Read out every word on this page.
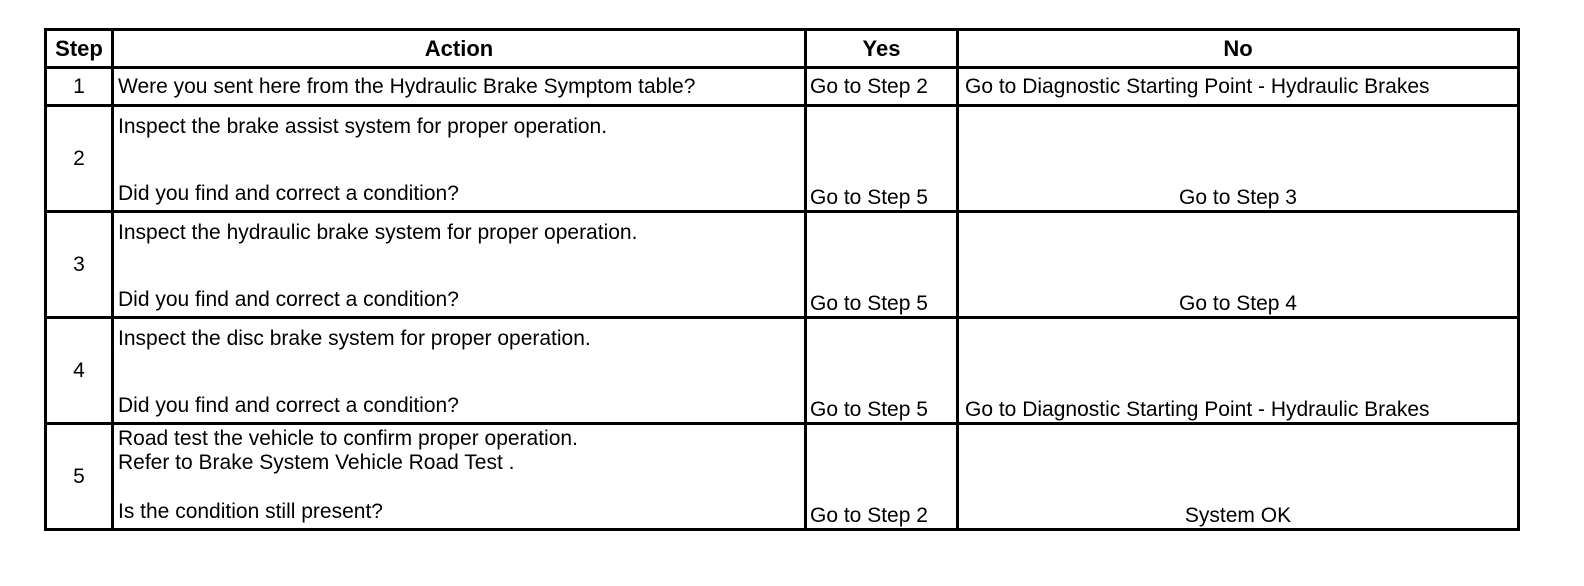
Step	Action	Yes	No
1	Were you sent here from the Hydraulic Brake Symptom table?	Go to Step 2	Go to Diagnostic Starting Point - Hydraulic Brakes
2	Inspect the brake assist system for proper operation.
Did you find and correct a condition?	Go to Step 5	Go to Step 3
3	Inspect the hydraulic brake system for proper operation.
Did you find and correct a condition?	Go to Step 5	Go to Step 4
4	Inspect the disc brake system for proper operation.
Did you find and correct a condition?	Go to Step 5	Go to Diagnostic Starting Point - Hydraulic Brakes
5	Road test the vehicle to confirm proper operation.
Refer to Brake System Vehicle Road Test .
Is the condition still present?	Go to Step 2	System OK
